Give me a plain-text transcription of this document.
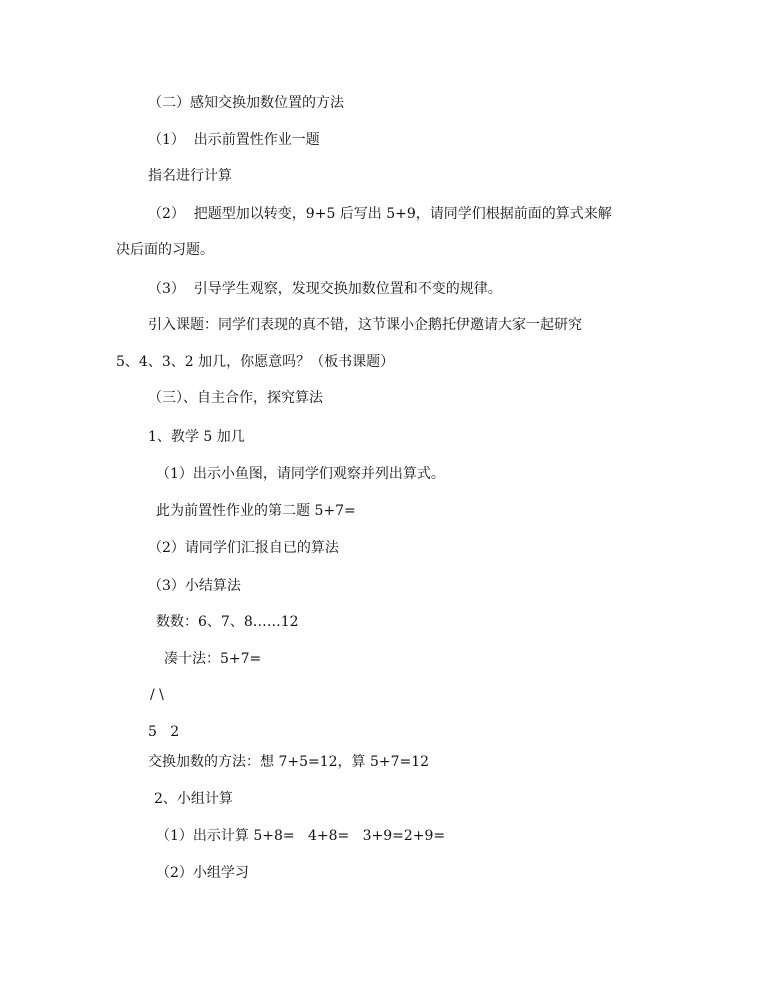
（二）感知交换加数位置的方法
（1）  出示前置性作业一题
指名进行计算
（2）  把题型加以转变，9+5 后写出 5+9，请同学们根据前面的算式来解
决后面的习题。
（3）  引导学生观察，发现交换加数位置和不变的规律。
引入课题：同学们表现的真不错，这节课小企鹅托伊邀请大家一起研究
5、4、3、2 加几，你愿意吗？（板书课题）
（三）、自主合作，探究算法
1、教学 5 加几
（1）出示小鱼图，请同学们观察并列出算式。
此为前置性作业的第二题 5+7=
（2）请同学们汇报自已的算法
（3）小结算法
数数：6、7、8……12
凑十法：5+7=
/ \
5   2
交换加数的方法：想 7+5=12，算 5+7=12
2、小组计算
（1）出示计算 5+8=   4+8=   3+9=2+9=
（2）小组学习
